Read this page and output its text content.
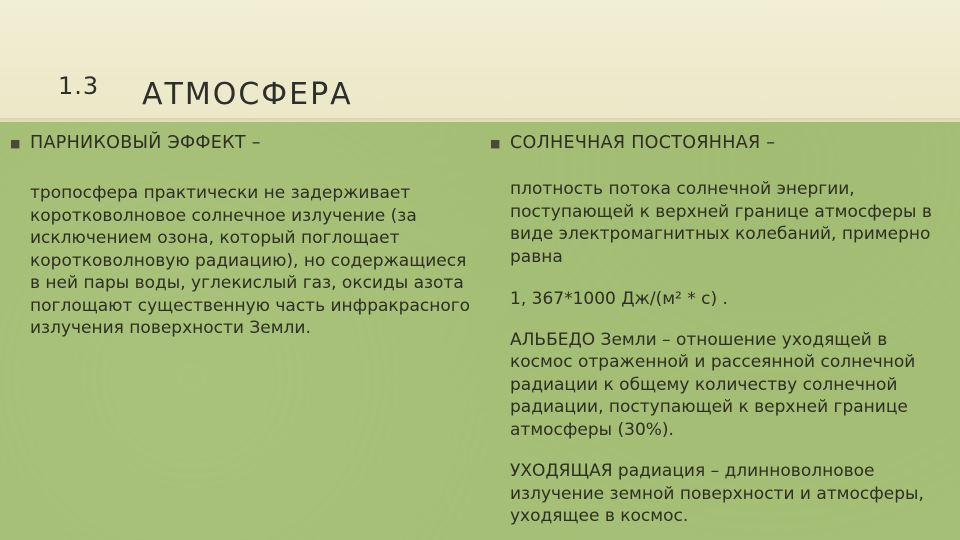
1.3 АТМОСФЕРА
■ ПАРНИКОВЫЙ ЭФФЕКТ –

тропосфера практически не задерживает коротковолновое солнечное излучение (за исключением озона, который поглощает коротковолновую радиацию), но содержащиеся в ней пары воды, углекислый газ, оксиды азота поглощают существенную часть инфракрасного излучения поверхности Земли.

■ СОЛНЕЧНАЯ ПОСТОЯННАЯ –

плотность потока солнечной энергии, поступающей к верхней границе атмосферы в виде электромагнитных колебаний, примерно равна

1, 367*1000 Дж/(м² * с) .

АЛЬБЕДО Земли – отношение уходящей в космос отраженной и рассеянной солнечной радиации к общему количеству солнечной радиации, поступающей к верхней границе атмосферы (30%).

УХОДЯЩАЯ радиация – длинноволновое излучение земной поверхности и атмосферы, уходящее в космос.
